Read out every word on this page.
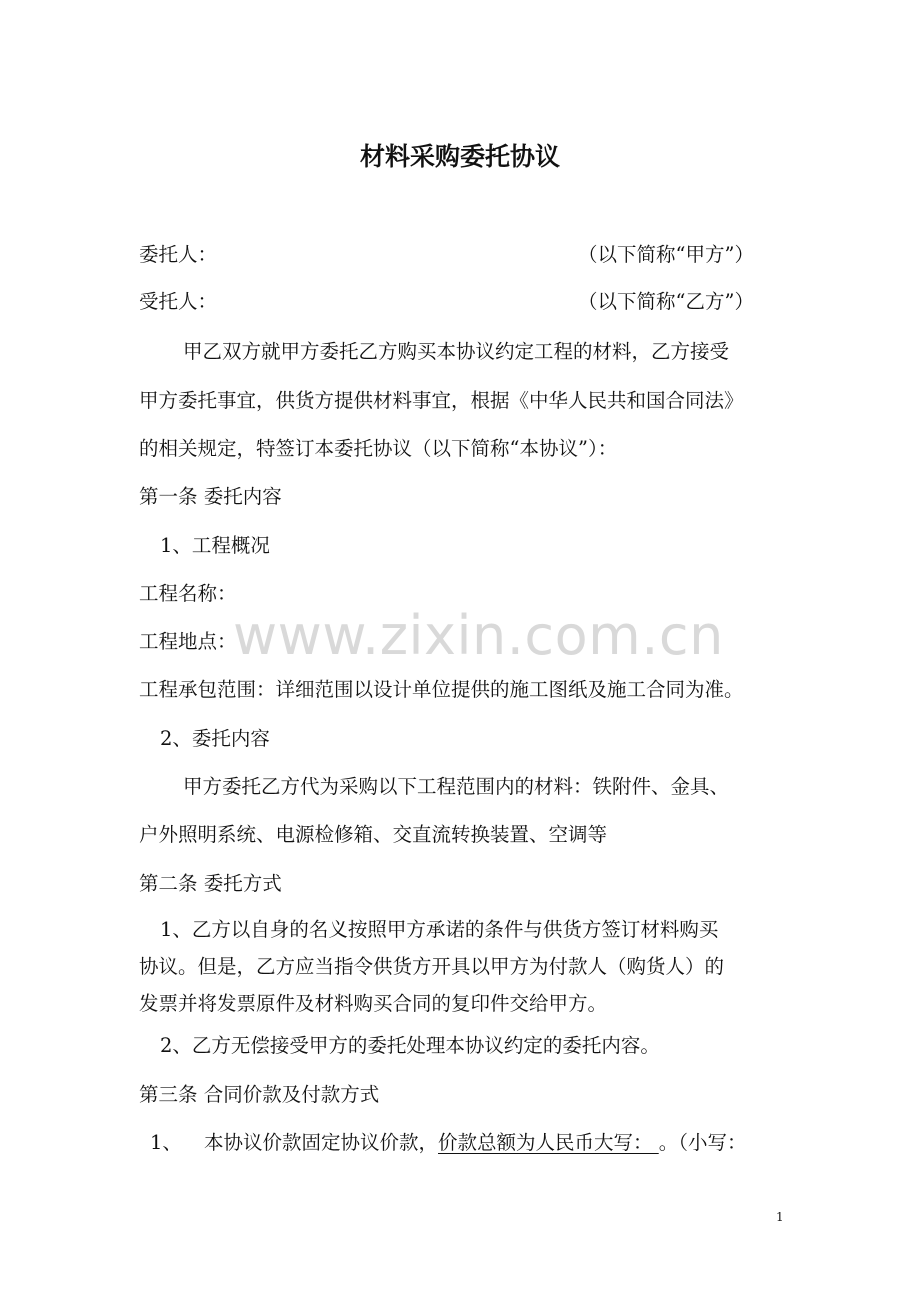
www.zixin.com.cn
材料采购委托协议
委托人：	（以下简称“甲方”）
受托人：	（以下简称“乙方”）
甲乙双方就甲方委托乙方购买本协议约定工程的材料，乙方接受
甲方委托事宜，供货方提供材料事宜，根据《中华人民共和国合同法》
的相关规定，特签订本委托协议（以下简称“本协议”）：
第一条 委托内容
1、工程概况
工程名称：
工程地点：
工程承包范围：详细范围以设计单位提供的施工图纸及施工合同为准。
2、委托内容
甲方委托乙方代为采购以下工程范围内的材料：铁附件、金具、
户外照明系统、电源检修箱、交直流转换装置、空调等
第二条 委托方式
1、乙方以自身的名义按照甲方承诺的条件与供货方签订材料购买
协议。但是，乙方应当指令供货方开具以甲方为付款人（购货人）的
发票并将发票原件及材料购买合同的复印件交给甲方。
2、乙方无偿接受甲方的委托处理本协议约定的委托内容。
第三条 合同价款及付款方式
1、 本协议价款固定协议价款，价款总额为人民币大写： 。（小写：
1
